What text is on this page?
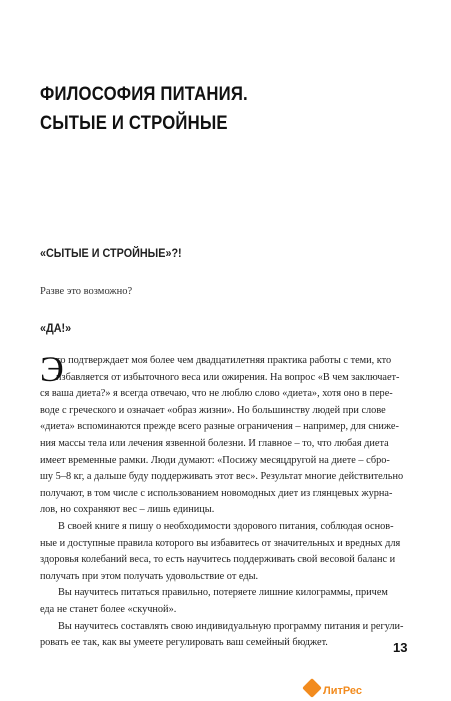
ФИЛОСОФИЯ ПИТАНИЯ.
СЫТЫЕ И СТРОЙНЫЕ
«СЫТЫЕ И СТРОЙНЫЕ»?!
Разве это возможно?
«ДА!»
Э
то подтверждает моя более чем двадцатилетняя практика работы с теми, кто
избавляется от избыточного веса или ожирения. На вопрос «В чем заключает-
ся ваша диета?» я всегда отвечаю, что не люблю слово «диета», хотя оно в пере-
воде с греческого и означает «образ жизни». Но большинству людей при слове
«диета» вспоминаются прежде всего разные ограничения – например, для сниже-
ния массы тела или лечения язвенной болезни. И главное – то, что любая диета
имеет временные рамки. Люди думают: «Посижу месяцдругой на диете – сбро-
шу 5–8 кг, а дальше буду поддерживать этот вес». Результат многие действительно
получают, в том числе с использованием новомодных диет из глянцевых журна-
лов, но сохраняют вес – лишь единицы.
В своей книге я пишу о необходимости здорового питания, соблюдая основ-
ные и доступные правила которого вы избавитесь от значительных и вредных для
здоровья колебаний веса, то есть научитесь поддерживать свой весовой баланс и
получать при этом получать удовольствие от еды.
Вы научитесь питаться правильно, потеряете лишние килограммы, причем
еда не станет более «скучной».
Вы научитесь составлять свою индивидуальную программу питания и регули-
ровать ее так, как вы умеете регулировать ваш семейный бюджет.	13
ЛитРес
